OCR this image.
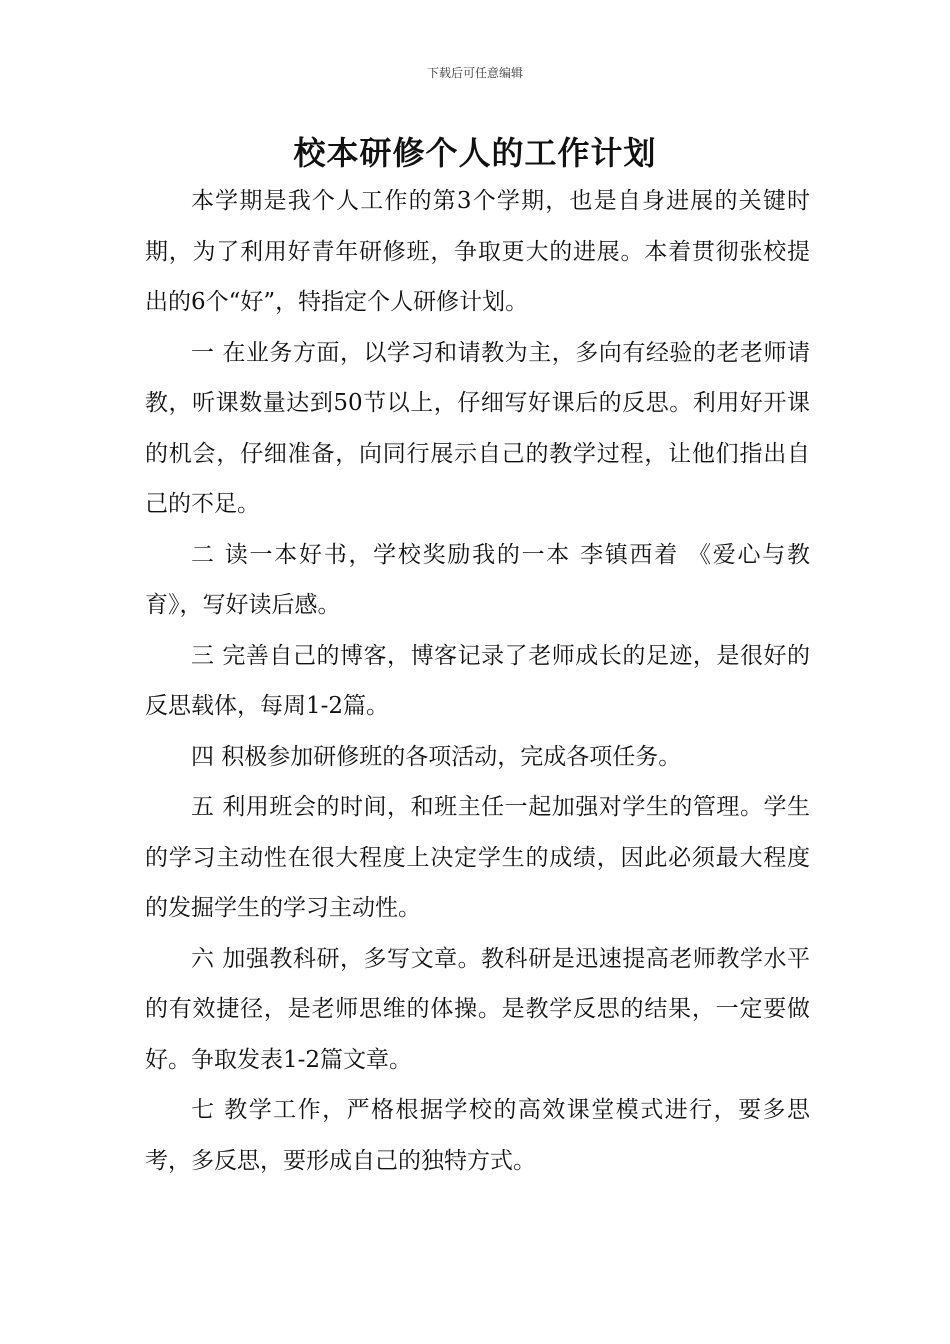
下载后可任意编辑
校本研修个人的工作计划

本学期是我个人工作的第3个学期，也是自身进展的关键时期，为了利用好青年研修班，争取更大的进展。本着贯彻张校提出的6个“好”，特指定个人研修计划。

一 在业务方面，以学习和请教为主，多向有经验的老老师请教，听课数量达到50节以上，仔细写好课后的反思。利用好开课的机会，仔细准备，向同行展示自己的教学过程，让他们指出自己的不足。

二 读一本好书，学校奖励我的一本 李镇西着 《爱心与教育》，写好读后感。

三 完善自己的博客，博客记录了老师成长的足迹，是很好的反思载体，每周1-2篇。

四 积极参加研修班的各项活动，完成各项任务。

五 利用班会的时间，和班主任一起加强对学生的管理。学生的学习主动性在很大程度上决定学生的成绩，因此必须最大程度的发掘学生的学习主动性。

六 加强教科研，多写文章。教科研是迅速提高老师教学水平的有效捷径，是老师思维的体操。是教学反思的结果，一定要做好。争取发表1-2篇文章。

七 教学工作，严格根据学校的高效课堂模式进行，要多思考，多反思，要形成自己的独特方式。
